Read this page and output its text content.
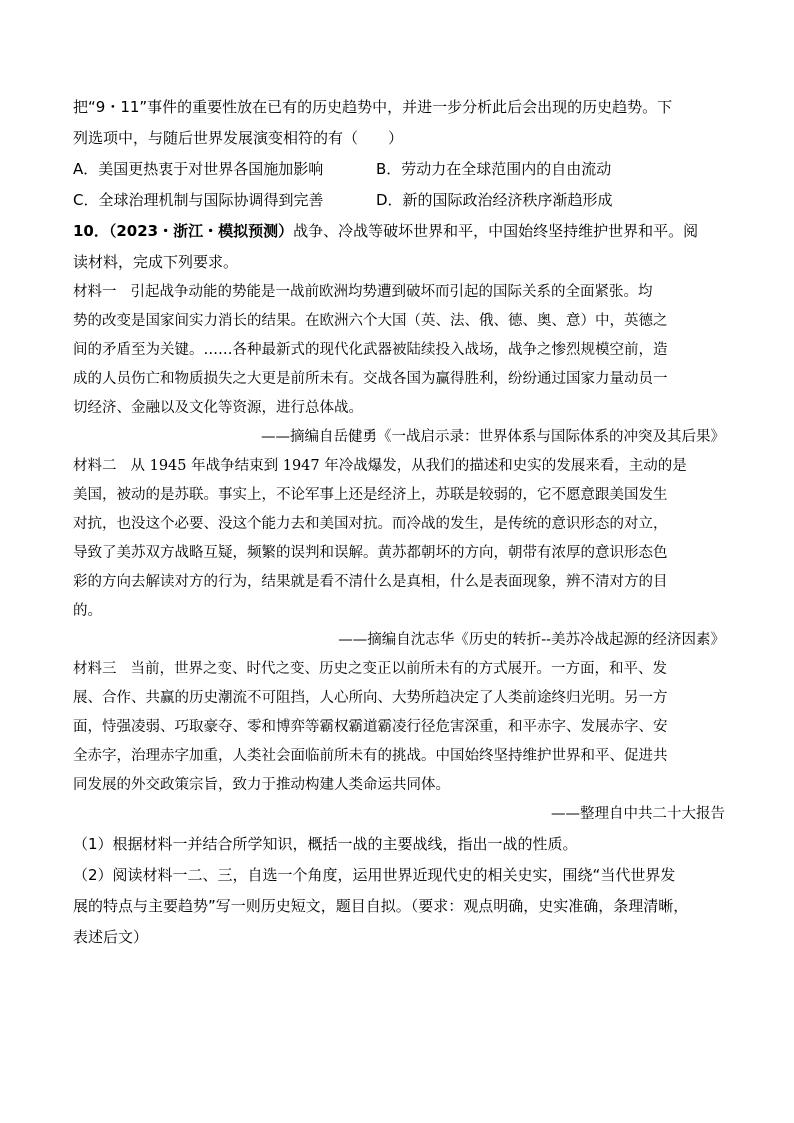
把“9・11”事件的重要性放在已有的历史趋势中，并进一步分析此后会出现的历史趋势。下

列选项中，与随后世界发展演变相符的有（　　）

A．美国更热衷于对世界各国施加影响	B．劳动力在全球范围内的自由流动
C．全球治理机制与国际协调得到完善	D．新的国际政治经济秩序渐趋形成

10．（2023・浙江・模拟预测）战争、冷战等破坏世界和平，中国始终坚持维护世界和平。阅

读材料，完成下列要求。

材料一 引起战争动能的势能是一战前欧洲均势遭到破坏而引起的国际关系的全面紧张。均

势的改变是国家间实力消长的结果。在欧洲六个大国（英、法、俄、德、奥、意）中，英德之

间的矛盾至为关键。……各种最新式的现代化武器被陆续投入战场，战争之惨烈规模空前，造

成的人员伤亡和物质损失之大更是前所未有。交战各国为赢得胜利，纷纷通过国家力量动员一

切经济、金融以及文化等资源，进行总体战。

——摘编自岳健勇《一战启示录：世界体系与国际体系的冲突及其后果》

材料二 从 1945 年战争结束到 1947 年冷战爆发，从我们的描述和史实的发展来看，主动的是

美国，被动的是苏联。事实上，不论军事上还是经济上，苏联是较弱的，它不愿意跟美国发生

对抗，也没这个必要、没这个能力去和美国对抗。而冷战的发生，是传统的意识形态的对立，

导致了美苏双方战略互疑，频繁的误判和误解。黄苏都朝坏的方向，朝带有浓厚的意识形态色

彩的方向去解读对方的行为，结果就是看不清什么是真相，什么是表面现象，辨不清对方的目

的。

——摘编自沈志华《历史的转折--美苏冷战起源的经济因素》

材料三 当前，世界之变、时代之变、历史之变正以前所未有的方式展开。一方面，和平、发

展、合作、共赢的历史潮流不可阻挡，人心所向、大势所趋决定了人类前途终归光明。另一方

面，恃强凌弱、巧取豪夺、零和博弈等霸权霸道霸凌行径危害深重，和平赤字、发展赤字、安

全赤字，治理赤字加重，人类社会面临前所未有的挑战。中国始终坚持维护世界和平、促进共

同发展的外交政策宗旨，致力于推动构建人类命运共同体。

——整理自中共二十大报告

（1）根据材料一并结合所学知识，概括一战的主要战线，指出一战的性质。

（2）阅读材料一二、三，自选一个角度，运用世界近现代史的相关史实，围绕“当代世界发

展的特点与主要趋势”写一则历史短文，题目自拟。（要求：观点明确，史实准确，条理清晰，

表述后文）
